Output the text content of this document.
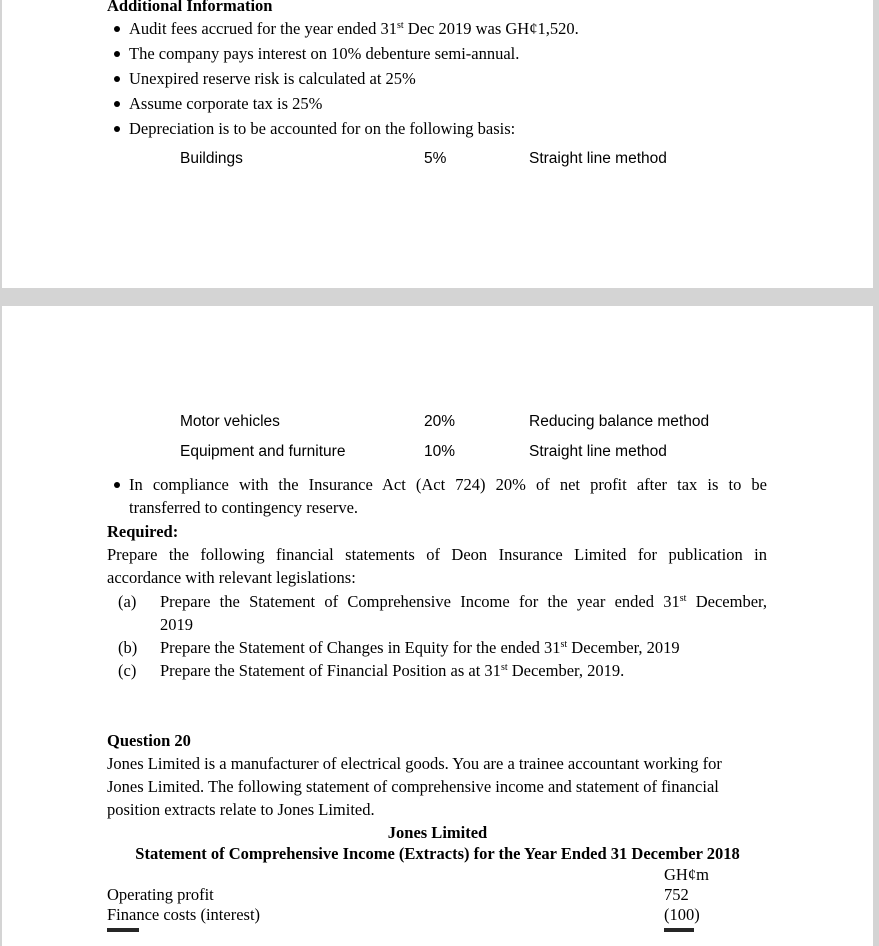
Additional Information
Audit fees accrued for the year ended 31st Dec 2019 was GH¢1,520.
The company pays interest on 10% debenture semi-annual.
Unexpired reserve risk is calculated at 25%
Assume corporate tax is 25%
Depreciation is to be accounted for on the following basis:
Buildings	5%	Straight line method
Motor vehicles	20%	Reducing balance method
Equipment and furniture	10%	Straight line method
In compliance with the Insurance Act (Act 724) 20% of net profit after tax is to be
transferred to contingency reserve.
Required:
Prepare the following financial statements of Deon Insurance Limited for publication in
accordance with relevant legislations:
(a) Prepare the Statement of Comprehensive Income for the year ended 31st December,
2019
(b) Prepare the Statement of Changes in Equity for the ended 31st December, 2019
(c) Prepare the Statement of Financial Position as at 31st December, 2019.
Question 20
Jones Limited is a manufacturer of electrical goods. You are a trainee accountant working for
Jones Limited. The following statement of comprehensive income and statement of financial
position extracts relate to Jones Limited.
Jones Limited
Statement of Comprehensive Income (Extracts) for the Year Ended 31 December 2018
GH¢m
Operating profit	752
Finance costs (interest)	(100)
